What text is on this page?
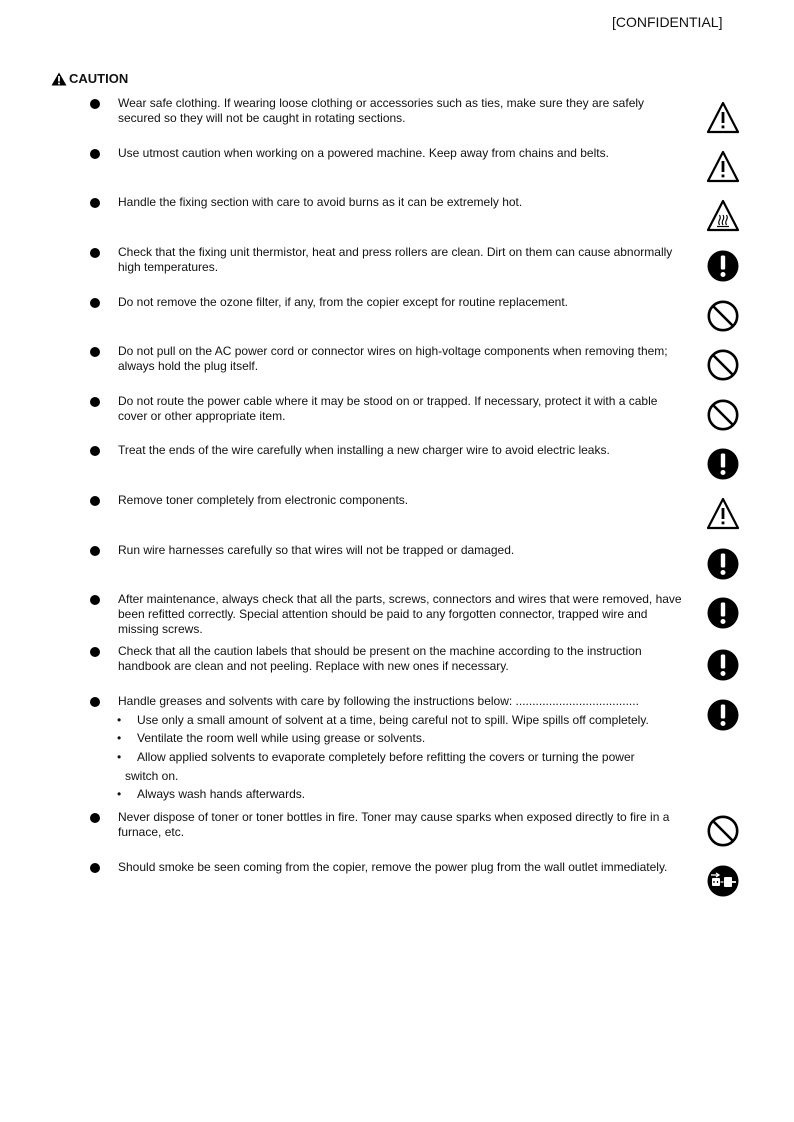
[CONFIDENTIAL]
CAUTION
Wear safe clothing. If wearing loose clothing or accessories such as ties, make sure they are safely secured so they will not be caught in rotating sections.
Use utmost caution when working on a powered machine. Keep away from chains and belts.
Handle the fixing section with care to avoid burns as it can be extremely hot.
Check that the fixing unit thermistor, heat and press rollers are clean. Dirt on them can cause abnormally high temperatures.
Do not remove the ozone filter, if any, from the copier except for routine replacement.
Do not pull on the AC power cord or connector wires on high-voltage components when removing them; always hold the plug itself.
Do not route the power cable where it may be stood on or trapped. If necessary, protect it with a cable cover or other appropriate item.
Treat the ends of the wire carefully when installing a new charger wire to avoid electric leaks.
Remove toner completely from electronic components.
Run wire harnesses carefully so that wires will not be trapped or damaged.
After maintenance, always check that all the parts, screws, connectors and wires that were removed, have been refitted correctly. Special attention should be paid to any forgotten connector, trapped wire and missing screws.
Check that all the caution labels that should be present on the machine according to the instruction handbook are clean and not peeling. Replace with new ones if necessary.
Handle greases and solvents with care by following the instructions below: .....................................
• Use only a small amount of solvent at a time, being careful not to spill. Wipe spills off completely.
• Ventilate the room well while using grease or solvents.
• Allow applied solvents to evaporate completely before refitting the covers or turning the power
switch on.
• Always wash hands afterwards.
Never dispose of toner or toner bottles in fire. Toner may cause sparks when exposed directly to fire in a furnace, etc.
Should smoke be seen coming from the copier, remove the power plug from the wall outlet immediately.
